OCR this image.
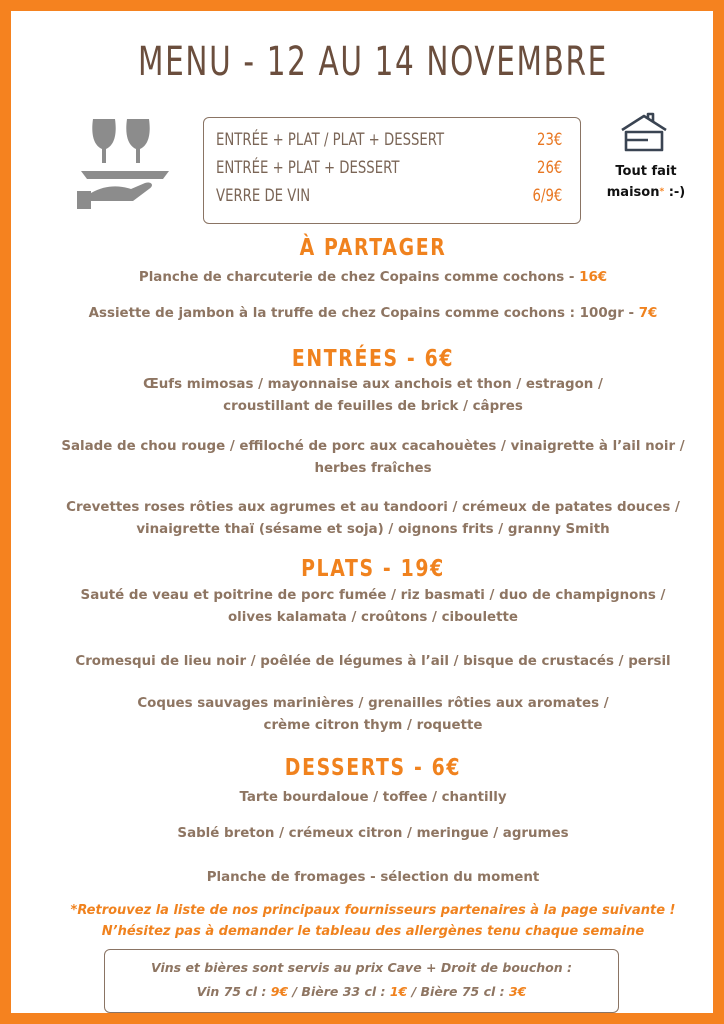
MENU - 12 AU 14 NOVEMBRE
ENTRÉE + PLAT / PLAT + DESSERT	23€
ENTRÉE + PLAT + DESSERT	26€
VERRE DE VIN	6/9€
Tout fait
maison* :-)
À PARTAGER
Planche de charcuterie de chez Copains comme cochons - 16€
Assiette de jambon à la truffe de chez Copains comme cochons : 100gr - 7€
ENTRÉES - 6€
Œufs mimosas / mayonnaise aux anchois et thon / estragon /
croustillant de feuilles de brick / câpres
Salade de chou rouge / effiloché de porc aux cacahouètes / vinaigrette à l’ail noir /
herbes fraîches
Crevettes roses rôties aux agrumes et au tandoori / crémeux de patates douces /
vinaigrette thaï (sésame et soja) / oignons frits / granny Smith
PLATS - 19€
Sauté de veau et poitrine de porc fumée / riz basmati / duo de champignons /
olives kalamata / croûtons / ciboulette
Cromesqui de lieu noir / poêlée de légumes à l’ail / bisque de crustacés / persil
Coques sauvages marinières / grenailles rôties aux aromates /
crème citron thym / roquette
DESSERTS - 6€
Tarte bourdaloue / toffee / chantilly
Sablé breton / crémeux citron / meringue / agrumes
Planche de fromages - sélection du moment
*Retrouvez la liste de nos principaux fournisseurs partenaires à la page suivante !
N’hésitez pas à demander le tableau des allergènes tenu chaque semaine
Vins et bières sont servis au prix Cave + Droit de bouchon :
Vin 75 cl : 9€ / Bière 33 cl : 1€ / Bière 75 cl : 3€
